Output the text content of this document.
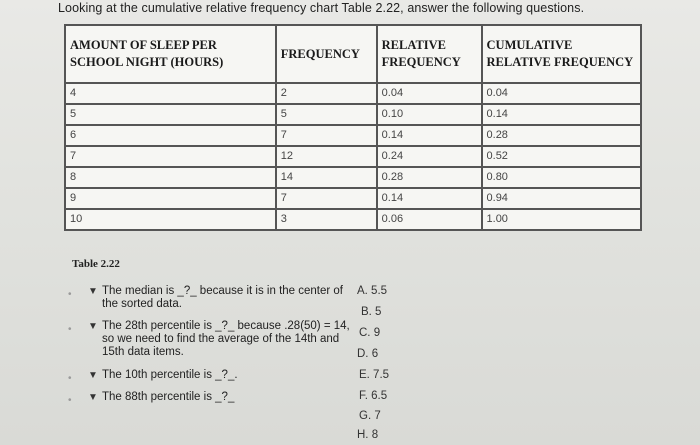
Looking at the cumulative relative frequency chart Table 2.22, answer the following questions.
AMOUNT OF SLEEP PER SCHOOL NIGHT (HOURS)	FREQUENCY	RELATIVE FREQUENCY	CUMULATIVE RELATIVE FREQUENCY
4	2	0.04	0.04
5	5	0.10	0.14
6	7	0.14	0.28
7	12	0.24	0.52
8	14	0.28	0.80
9	7	0.14	0.94
10	3	0.06	1.00
Table 2.22
• ▼ The median is _?_ because it is in the center of the sorted data.
• ▼ The 28th percentile is _?_ because .28(50) = 14, so we need to find the average of the 14th and 15th data items.
• ▼ The 10th percentile is _?_.
• ▼ The 88th percentile is _?_
A. 5.5
B. 5
C. 9
D. 6
E. 7.5
F. 6.5
G. 7
H. 8
